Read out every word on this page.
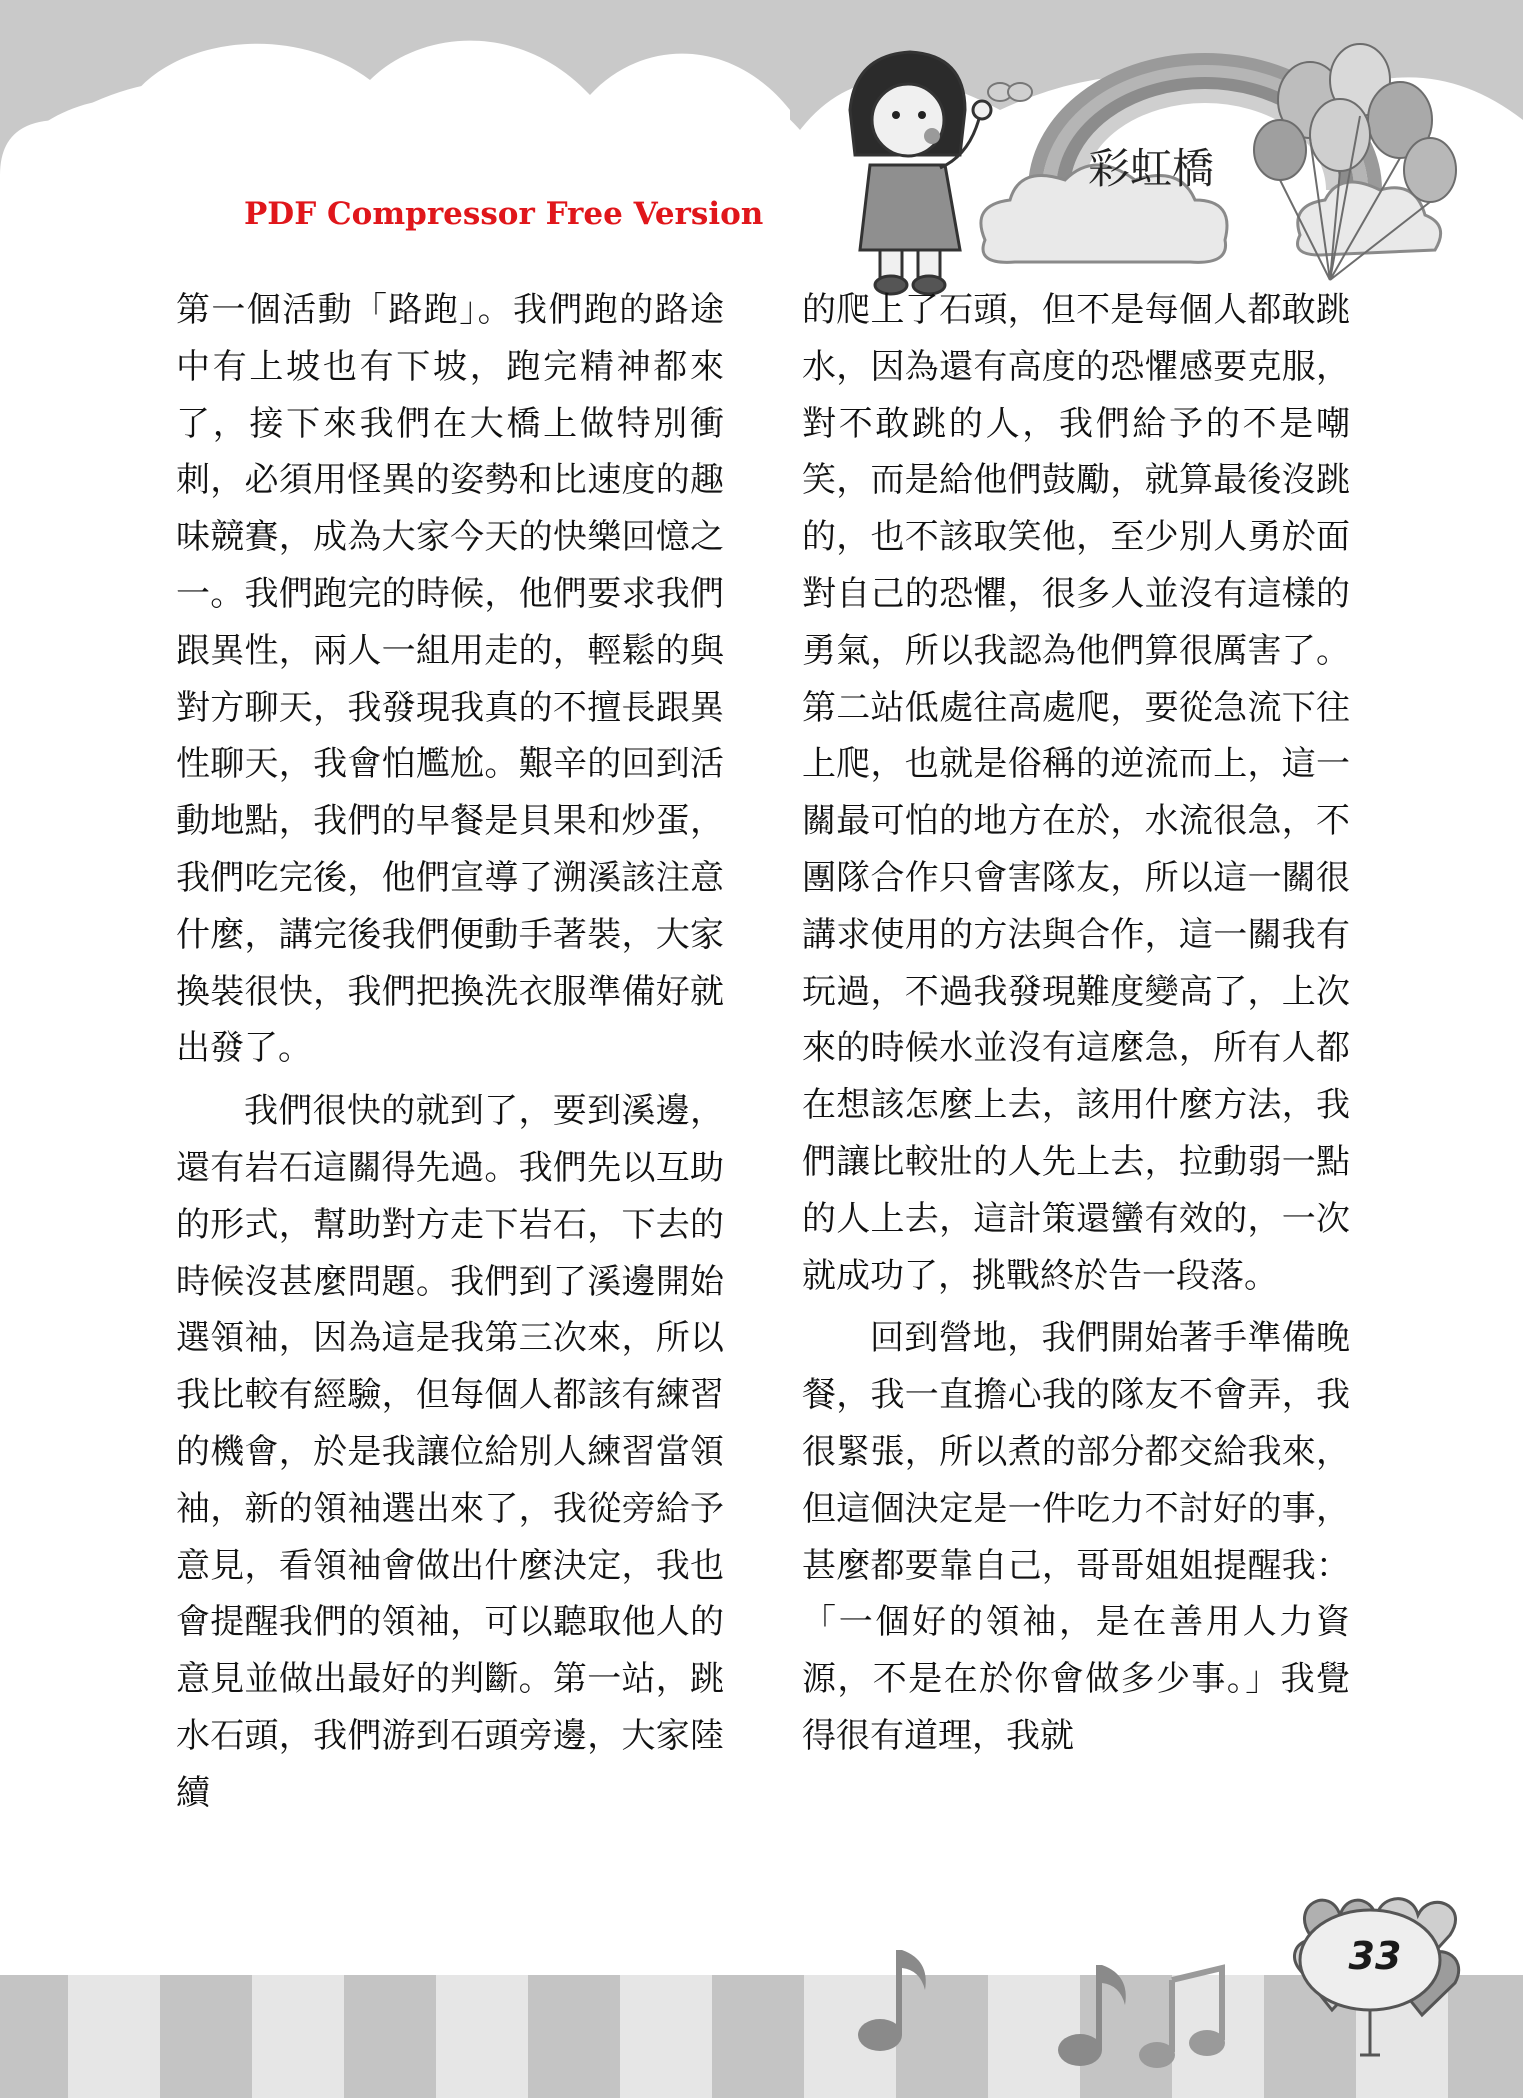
PDF Compressor Free Version
彩虹橋

第一個活動「路跑」。我們跑的路途中有上坡也有下坡，跑完精神都來了，接下來我們在大橋上做特別衝刺，必須用怪異的姿勢和比速度的趣味競賽，成為大家今天的快樂回憶之一。我們跑完的時候，他們要求我們跟異性，兩人一組用走的，輕鬆的與對方聊天，我發現我真的不擅長跟異性聊天，我會怕尷尬。艱辛的回到活動地點，我們的早餐是貝果和炒蛋，我們吃完後，他們宣導了溯溪該注意什麼，講完後我們便動手著裝，大家換裝很快，我們把換洗衣服準備好就出發了。

我們很快的就到了，要到溪邊，還有岩石這關得先過。我們先以互助的形式，幫助對方走下岩石，下去的時候沒甚麼問題。我們到了溪邊開始選領袖，因為這是我第三次來，所以我比較有經驗，但每個人都該有練習的機會，於是我讓位給別人練習當領袖，新的領袖選出來了，我從旁給予意見，看領袖會做出什麼決定，我也會提醒我們的領袖，可以聽取他人的意見並做出最好的判斷。第一站，跳水石頭，我們游到石頭旁邊，大家陸續

的爬上了石頭，但不是每個人都敢跳水，因為還有高度的恐懼感要克服，對不敢跳的人，我們給予的不是嘲笑，而是給他們鼓勵，就算最後沒跳的，也不該取笑他，至少別人勇於面對自己的恐懼，很多人並沒有這樣的勇氣，所以我認為他們算很厲害了。第二站低處往高處爬，要從急流下往上爬，也就是俗稱的逆流而上，這一關最可怕的地方在於，水流很急，不團隊合作只會害隊友，所以這一關很講求使用的方法與合作，這一關我有玩過，不過我發現難度變高了，上次來的時候水並沒有這麼急，所有人都在想該怎麼上去，該用什麼方法，我們讓比較壯的人先上去，拉動弱一點的人上去，這計策還蠻有效的，一次就成功了，挑戰終於告一段落。

回到營地，我們開始著手準備晚餐，我一直擔心我的隊友不會弄，我很緊張，所以煮的部分都交給我來，但這個決定是一件吃力不討好的事，甚麼都要靠自己，哥哥姐姐提醒我：「一個好的領袖，是在善用人力資源，不是在於你會做多少事。」我覺得很有道理，我就

33
